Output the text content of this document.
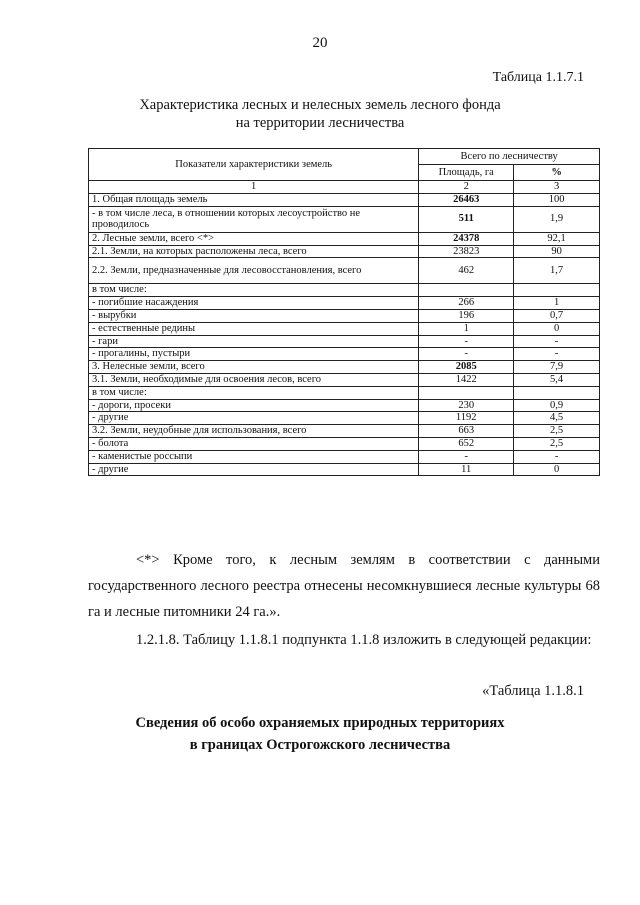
20
Таблица 1.1.7.1
Характеристика лесных и нелесных земель лесного фонда
на территории лесничества
Показатели характеристики земель	Всего по лесничеству	
	Площадь, га	%
1	2	3
1. Общая площадь земель	26463	100
- в том числе леса, в отношении которых лесоустройство не проводилось	511	1,9
2. Лесные земли, всего <*>	24378	92,1
2.1. Земли, на которых расположены леса, всего	23823	90
2.2. Земли, предназначенные для лесовосстановления, всего	462	1,7
в том числе:		
- погибшие насаждения	266	1
- вырубки	196	0,7
- естественные редины	1	0
- гари	-	-
- прогалины, пустыри	-	-
3. Нелесные земли, всего	2085	7,9
3.1. Земли, необходимые для освоения лесов, всего	1422	5,4
в том числе:		
- дороги, просеки	230	0,9
- другие	1192	4,5
3.2. Земли, неудобные для использования, всего	663	2,5
- болота	652	2,5
- каменистые россыпи	-	-
- другие	11	0

<*> Кроме того, к лесным землям в соответствии с данными государственного лесного реестра отнесены несомкнувшиеся лесные культуры 68 га и лесные питомники 24 га.».

1.2.1.8. Таблицу 1.1.8.1 подпункта 1.1.8 изложить в следующей редакции:

«Таблица 1.1.8.1
Сведения об особо охраняемых природных территориях
в границах Острогожского лесничества
